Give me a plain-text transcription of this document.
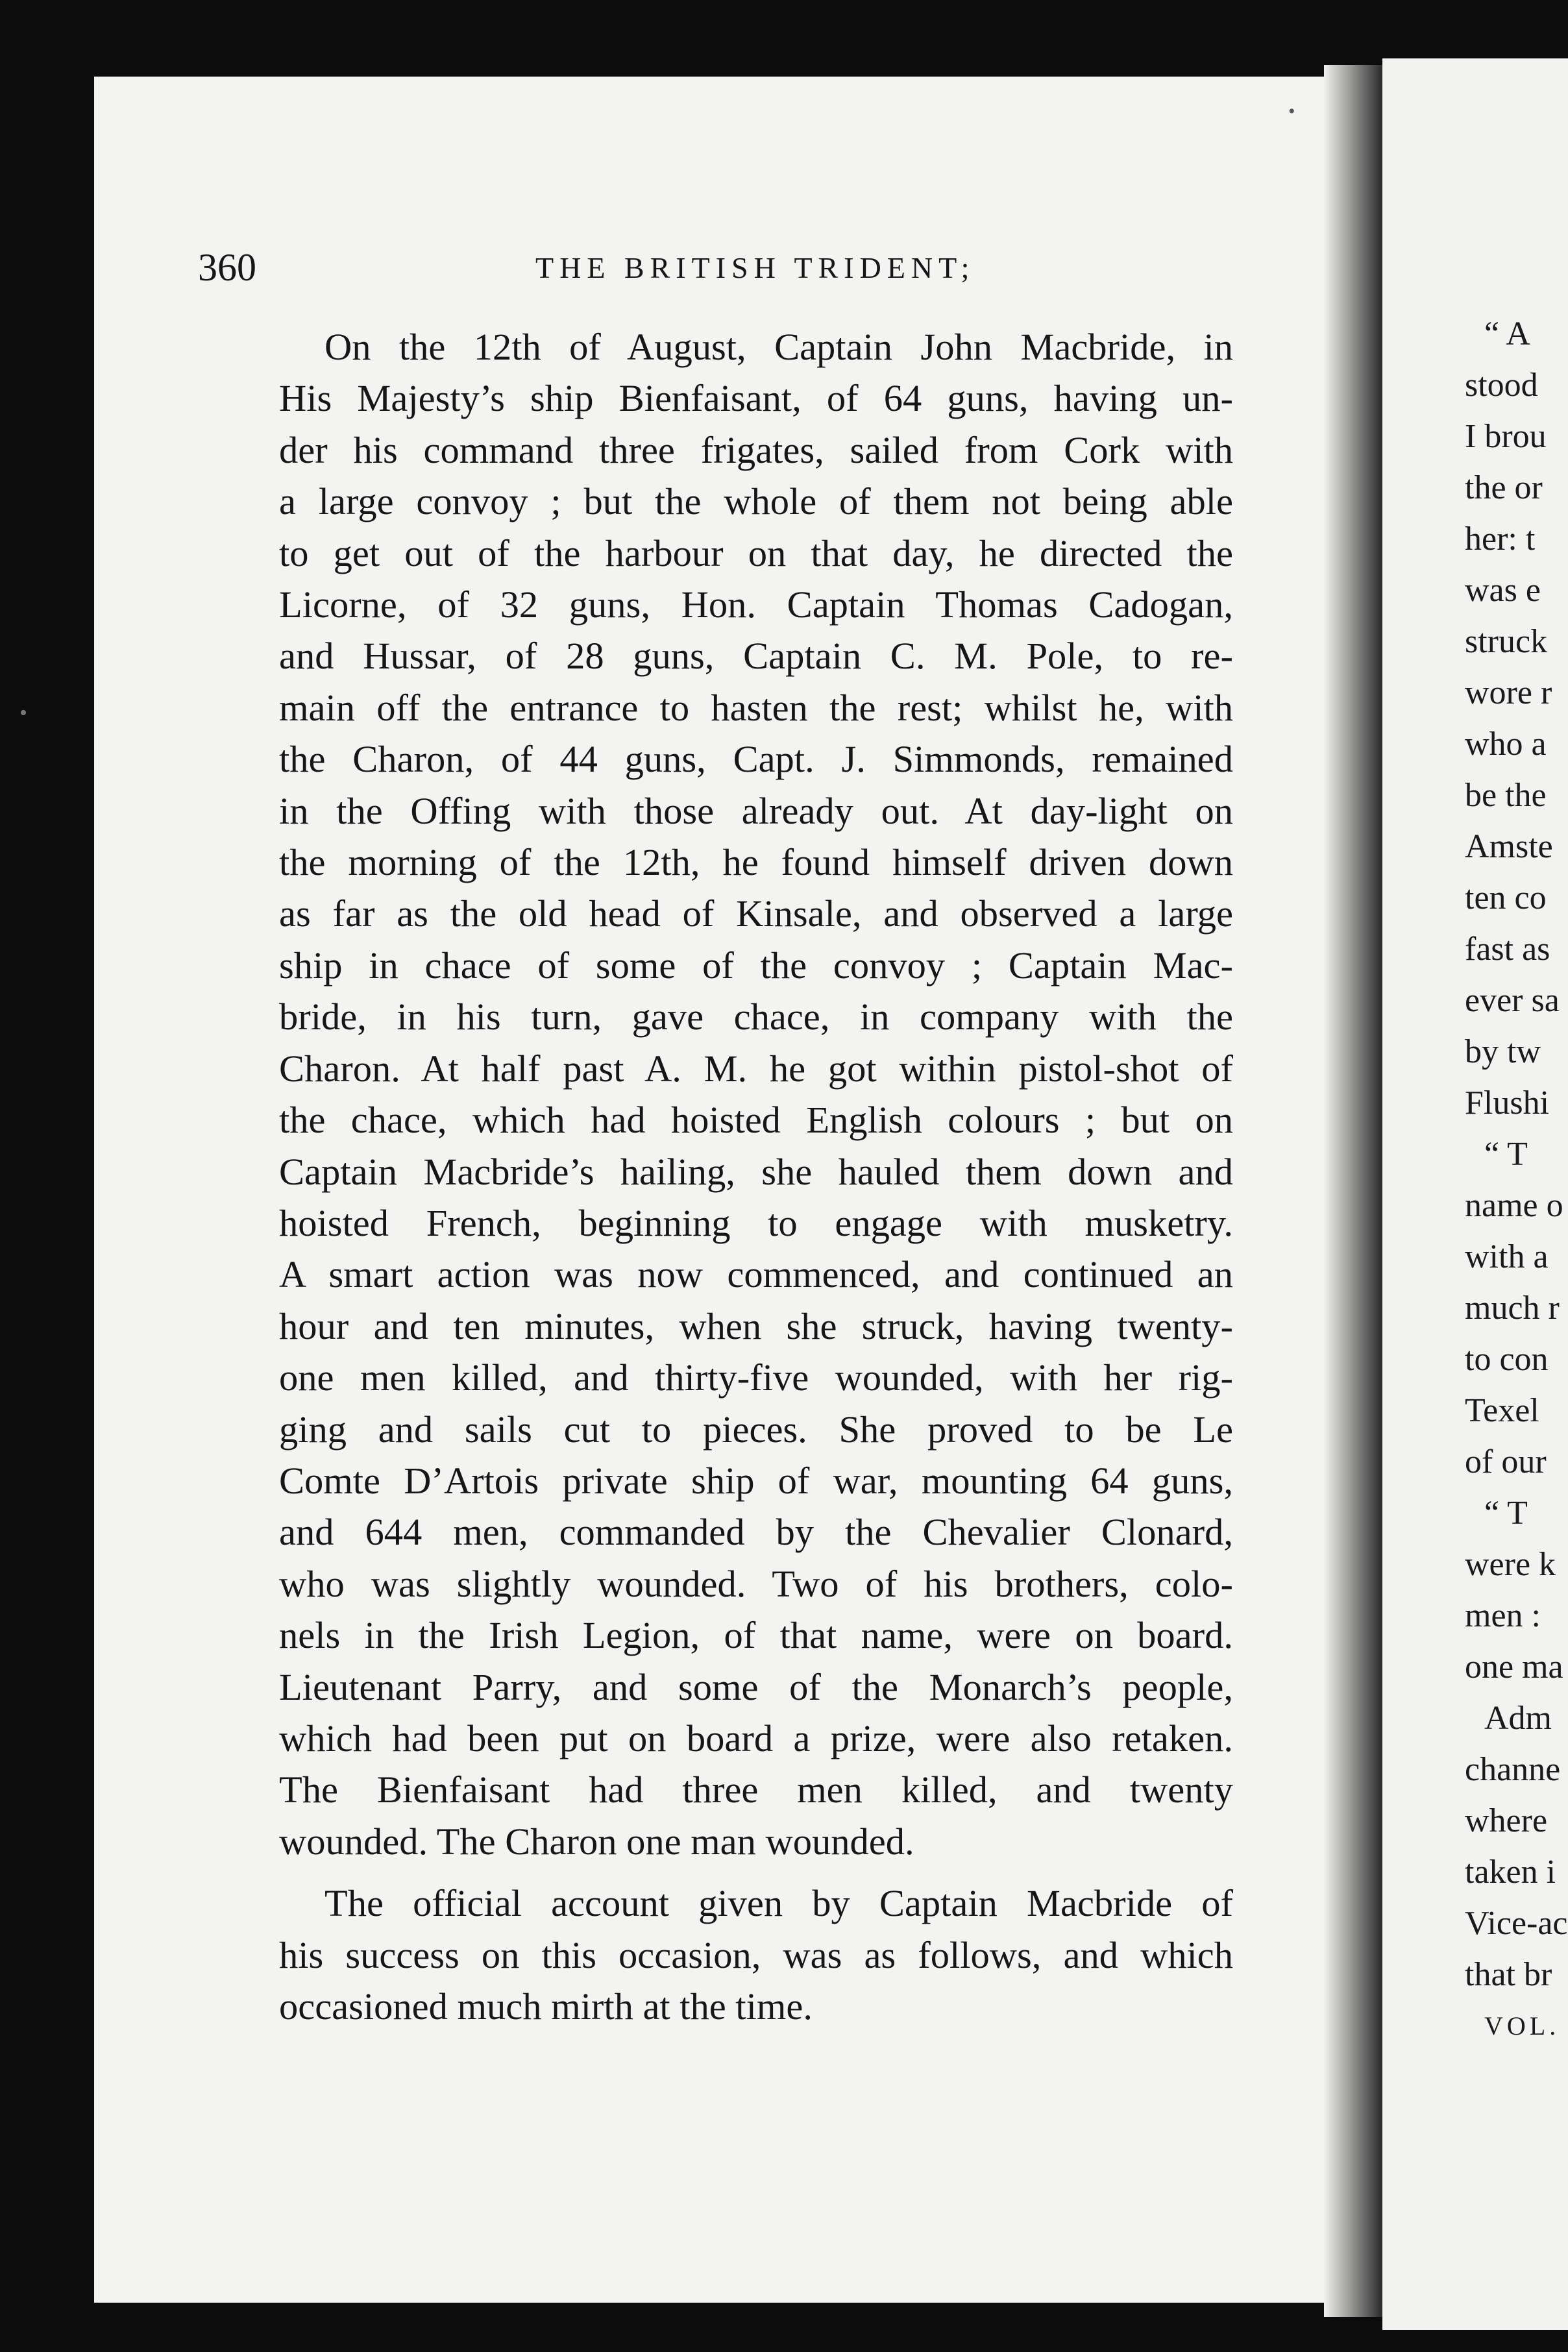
•
•
360	THE BRITISH TRIDENT;

On the 12th of August, Captain John Macbride, in
His Majesty’s ship Bienfaisant, of 64 guns, having un-
der his command three frigates, sailed from Cork with
a large convoy ; but the whole of them not being able
to get out of the harbour on that day, he directed the
Licorne, of 32 guns, Hon. Captain Thomas Cadogan,
and Hussar, of 28 guns, Captain C. M. Pole, to re-
main off the entrance to hasten the rest; whilst he, with
the Charon, of 44 guns, Capt. J. Simmonds, remained
in the Offing with those already out. At day-light on
the morning of the 12th, he found himself driven down
as far as the old head of Kinsale, and observed a large
ship in chace of some of the convoy ; Captain Mac-
bride, in his turn, gave chace, in company with the
Charon. At half past A. M. he got within pistol-shot of
the chace, which had hoisted English colours ; but on
Captain Macbride’s hailing, she hauled them down and
hoisted French, beginning to engage with musketry.
A smart action was now commenced, and continued an
hour and ten minutes, when she struck, having twenty-
one men killed, and thirty-five wounded, with her rig-
ging and sails cut to pieces. She proved to be Le
Comte D’Artois private ship of war, mounting 64 guns,
and 644 men, commanded by the Chevalier Clonard,
who was slightly wounded. Two of his brothers, colo-
nels in the Irish Legion, of that name, were on board.
Lieutenant Parry, and some of the Monarch’s people,
which had been put on board a prize, were also retaken.
The Bienfaisant had three men killed, and twenty
wounded. The Charon one man wounded.

The official account given by Captain Macbride of
his success on this occasion, was as follows, and which
occasioned much mirth at the time.

“ A
stood
I brou
the or
her: t
was e
struck
wore r
who a
be the
Amste
ten co
fast as
ever sa
by tw
Flushi
“ T
name o
with a
much r
to con
Texel
of our
“ T
were k
men :
one ma
Adm
channe
where
taken i
Vice-ac
that br
VOL.
